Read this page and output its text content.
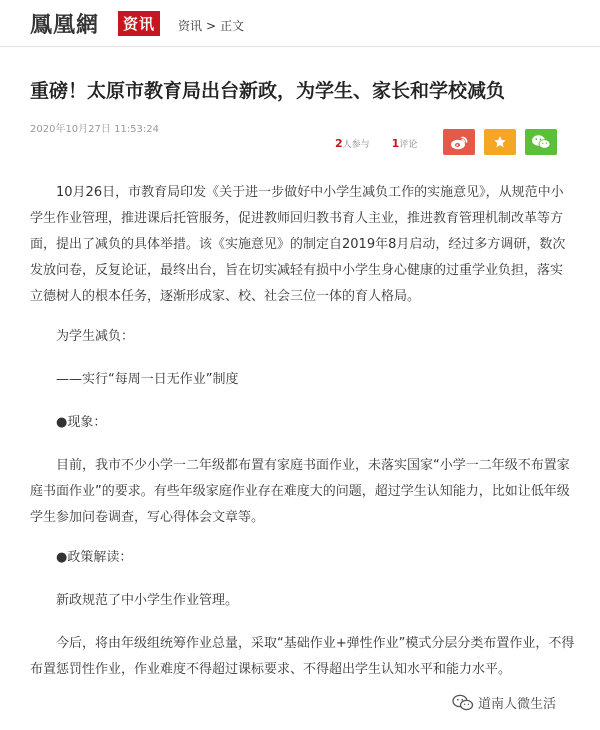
鳳凰網	资讯	资讯 > 正文
重磅！太原市教育局出台新政，为学生、家长和学校减负
2020年10月27日 11:53:24
2人参与 1评论

10月26日，市教育局印发《关于进一步做好中小学生减负工作的实施意见》，从规范中小学生作业管理，推进课后托管服务，促进教师回归教书育人主业，推进教育管理机制改革等方面，提出了减负的具体举措。该《实施意见》的制定自2019年8月启动，经过多方调研，数次发放问卷，反复论证，最终出台，旨在切实减轻有损中小学生身心健康的过重学业负担，落实立德树人的根本任务，逐渐形成家、校、社会三位一体的育人格局。

为学生减负：

——实行“每周一日无作业”制度

●现象：

目前，我市不少小学一二年级都布置有家庭书面作业，未落实国家“小学一二年级不布置家庭书面作业”的要求。有些年级家庭作业存在难度大的问题，超过学生认知能力，比如让低年级学生参加问卷调查，写心得体会文章等。

●政策解读：

新政规范了中小学生作业管理。

今后，将由年级组统筹作业总量，采取“基础作业+弹性作业”模式分层分类布置作业，不得布置惩罚性作业，作业难度不得超过课标要求、不得超出学生认知水平和能力水平。

道南人微生活
